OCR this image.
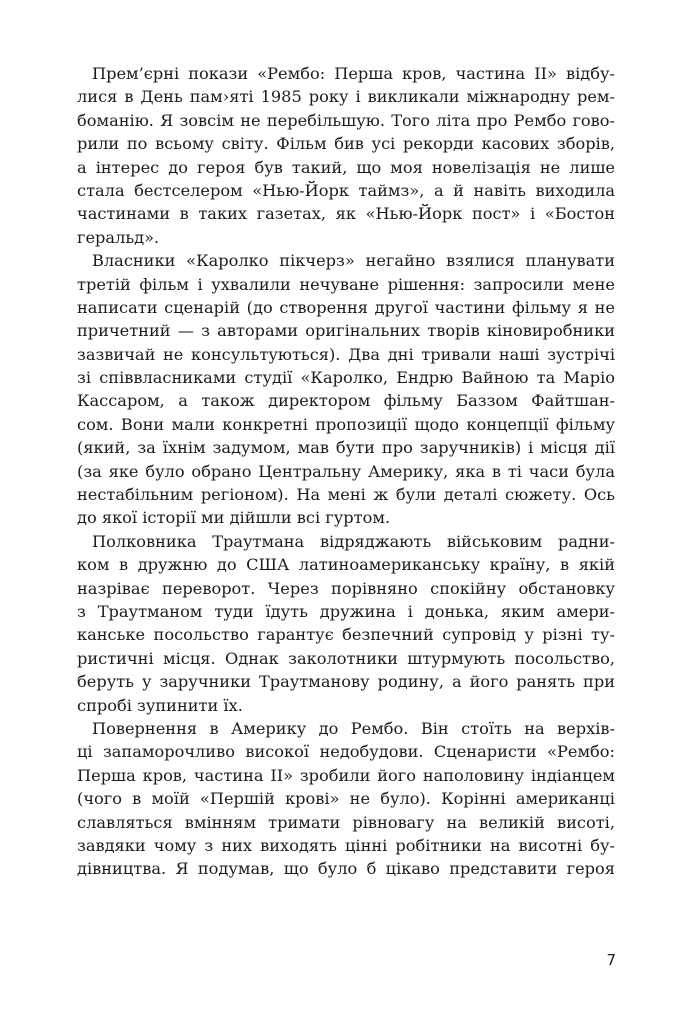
Прем’єрні покази «Рембо: Перша кров, частина ІІ» відбу-
лися в День пам›яті 1985 року і викликали міжнародну рем-
боманію. Я зовсім не перебільшую. Того літа про Рембо гово-
рили по всьому світу. Фільм бив усі рекорди касових зборів,
а інтерес до героя був такий, що моя новелізація не лише
стала бестселером «Нью-Йорк таймз», а й навіть виходила
частинами в таких газетах, як «Нью-Йорк пост» і «Бостон
геральд».
Власники «Каролко пікчерз» негайно взялися планувати
третій фільм і ухвалили нечуване рішення: запросили мене
написати сценарій (до створення другої частини фільму я не
причетний — з авторами оригінальних творів кіновиробники
зазвичай не консультуються). Два дні тривали наші зустрічі
зі співвласниками студії «Каролко, Ендрю Вайною та Маріо
Кассаром, а також директором фільму Баззом Файтшан-
сом. Вони мали конкретні пропозиції щодо концепції фільму
(який, за їхнім задумом, мав бути про заручників) і місця дії
(за яке було обрано Центральну Америку, яка в ті часи була
нестабільним регіоном). На мені ж були деталі сюжету. Ось
до якої історії ми дійшли всі гуртом.
Полковника Траутмана відряджають військовим радни-
ком в дружню до США латиноамериканську країну, в якій
назріває переворот. Через порівняно спокійну обстановку
з Траутманом туди їдуть дружина і донька, яким амери-
канське посольство гарантує безпечний супровід у різні ту-
ристичні місця. Однак заколотники штурмують посольство,
беруть у заручники Траутманову родину, а його ранять при
спробі зупинити їх.
Повернення в Америку до Рембо. Він стоїть на верхів-
ці запаморочливо високої недобудови. Сценаристи «Рембо:
Перша кров, частина ІІ» зробили його наполовину індіанцем
(чого в моїй «Першій крові» не було). Корінні американці
славляться вмінням тримати рівновагу на великій висоті,
завдяки чому з них виходять цінні робітники на висотні бу-
дівництва. Я подумав, що було б цікаво представити героя
7
